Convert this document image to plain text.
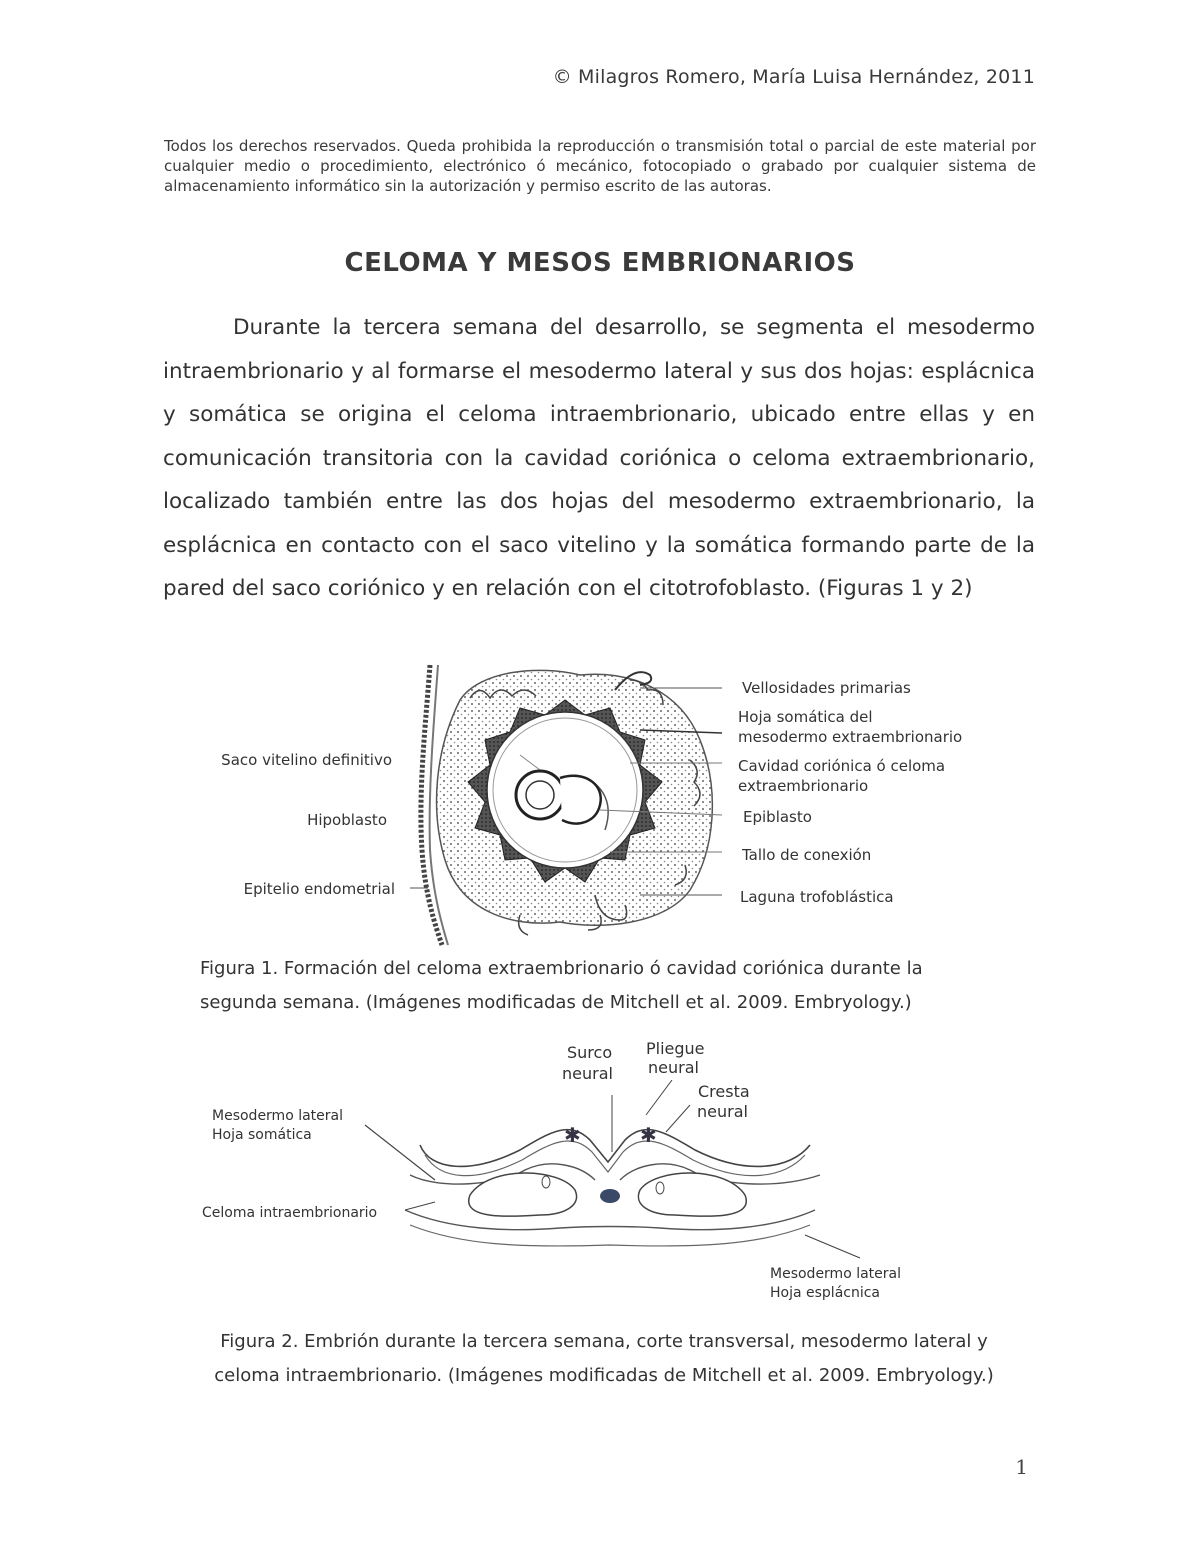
© Milagros Romero, María Luisa Hernández, 2011
Todos los derechos reservados. Queda prohibida la reproducción o transmisión total o parcial de este material por cualquier medio o procedimiento, electrónico ó mecánico, fotocopiado o grabado por cualquier sistema de almacenamiento informático sin la autorización y permiso escrito de las autoras.
CELOMA Y MESOS EMBRIONARIOS
Durante la tercera semana del desarrollo, se segmenta el mesodermo intraembrionario y al formarse el mesodermo lateral y sus dos hojas: esplácnica y somática se origina el celoma intraembrionario, ubicado entre ellas y en comunicación transitoria con la cavidad coriónica o celoma extraembrionario, localizado también entre las dos hojas del mesodermo extraembrionario, la esplácnica en contacto con el saco vitelino y la somática formando parte de la pared del saco coriónico y en relación con el citotrofoblasto. (Figuras 1 y 2)
Saco vitelino definitivo
Hipoblasto
Epitelio endometrial
Vellosidades primarias
Hoja somática del
mesodermo extraembrionario
Cavidad coriónica ó celoma
extraembrionario
Epiblasto
Tallo de conexión
Laguna trofoblástica
Figura 1. Formación del celoma extraembrionario ó cavidad coriónica durante la
segunda semana. (Imágenes modificadas de Mitchell et al. 2009. Embryology.)
✱	✱
Surco
neural
Pliegue
neural
Cresta
neural
Mesodermo lateral
Hoja somática
Celoma intraembrionario
Mesodermo lateral
Hoja esplácnica
Figura 2. Embrión durante la tercera semana, corte transversal, mesodermo lateral y
celoma intraembrionario. (Imágenes modificadas de Mitchell et al. 2009. Embryology.)
1
